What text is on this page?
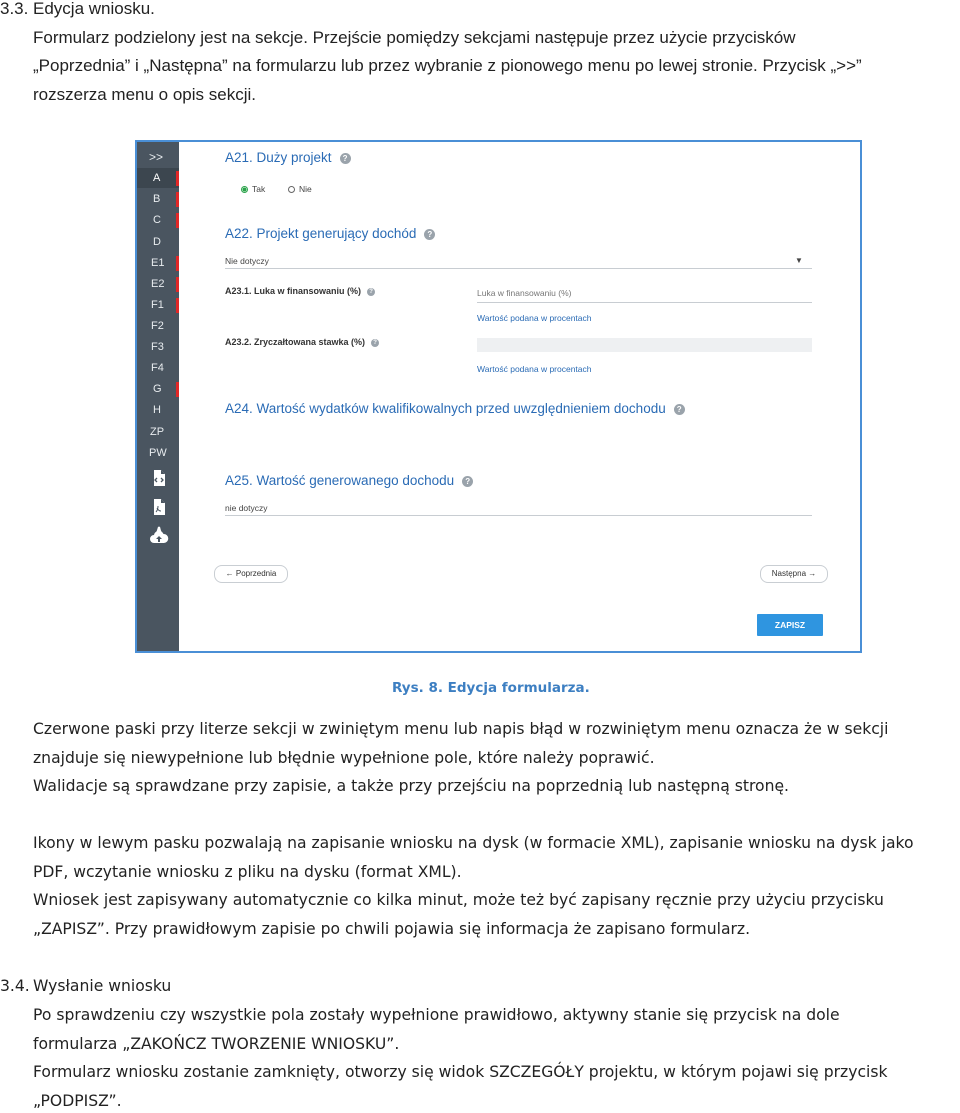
3.3. Edycja wniosku.
Formularz podzielony jest na sekcje. Przejście pomiędzy sekcjami następuje przez użycie przycisków
„Poprzednia” i „Następna” na formularzu lub przez wybranie z pionowego menu po lewej stronie. Przycisk „>>”
rozszerza menu o opis sekcji.
>>
A
B
C
D
E1
E2
F1
F2
F3
F4
G
H
ZP
PW
A21. Duży projekt ?
Tak	Nie
A22. Projekt generujący dochód ?
Nie dotyczy	▼
A23.1. Luka w finansowaniu (%) ?	Luka w finansowaniu (%)
Wartość podana w procentach
A23.2. Zryczałtowana stawka (%) ?
Wartość podana w procentach
A24. Wartość wydatków kwalifikowalnych przed uwzględnieniem dochodu ?
A25. Wartość generowanego dochodu ?
nie dotyczy
← Poprzednia	Następna →
ZAPISZ
Rys. 8. Edycja formularza.
Czerwone paski przy literze sekcji w zwiniętym menu lub napis błąd w rozwiniętym menu oznacza że w sekcji
znajduje się niewypełnione lub błędnie wypełnione pole, które należy poprawić.
Walidacje są sprawdzane przy zapisie, a także przy przejściu na poprzednią lub następną stronę.
Ikony w lewym pasku pozwalają na zapisanie wniosku na dysk (w formacie XML), zapisanie wniosku na dysk jako
PDF, wczytanie wniosku z pliku na dysku (format XML).
Wniosek jest zapisywany automatycznie co kilka minut, może też być zapisany ręcznie przy użyciu przycisku
„ZAPISZ”. Przy prawidłowym zapisie po chwili pojawia się informacja że zapisano formularz.
3.4. Wysłanie wniosku
Po sprawdzeniu czy wszystkie pola zostały wypełnione prawidłowo, aktywny stanie się przycisk na dole
formularza „ZAKOŃCZ TWORZENIE WNIOSKU”.
Formularz wniosku zostanie zamknięty, otworzy się widok SZCZEGÓŁY projektu, w którym pojawi się przycisk
„PODPISZ”.
